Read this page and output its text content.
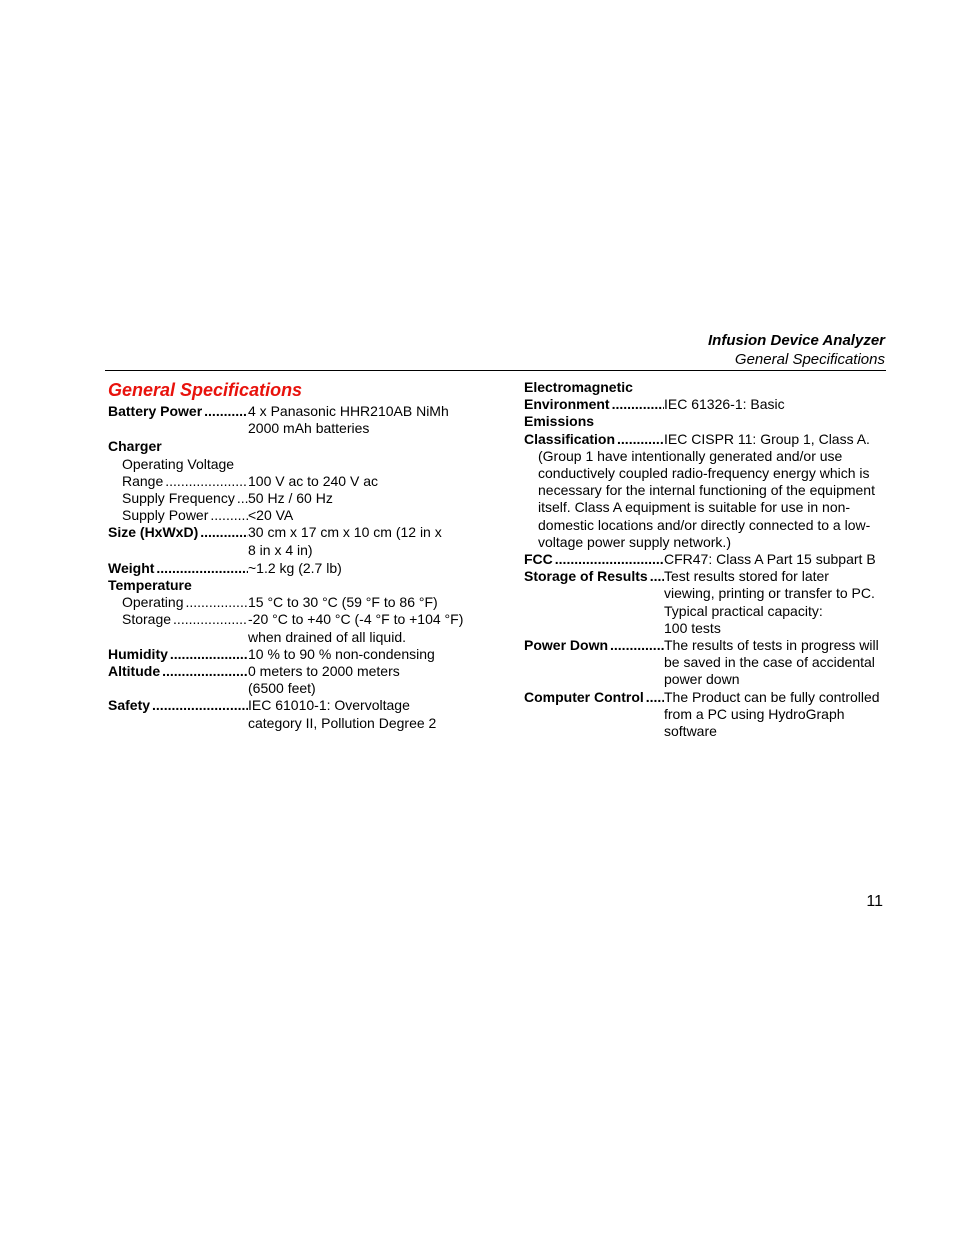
Infusion Device Analyzer
General Specifications
General Specifications
Battery Power .....	4 x Panasonic HHR210AB NiMh
2000 mAh batteries
Charger
Operating Voltage
Range .....	100 V ac to 240 V ac
Supply Frequency ..... 50 Hz / 60 Hz
Supply Power .....	<20 VA
Size (HxWxD) .....	30 cm x 17 cm x 10 cm (12 in x
8 in x 4 in)
Weight .....	~1.2 kg (2.7 lb)
Temperature
Operating .....	15 °C to 30 °C (59 °F to 86 °F)
Storage .....	-20 °C to +40 °C (-4 °F to +104 °F)
when drained of all liquid.
Humidity .....	10 % to 90 % non-condensing
Altitude .....	0 meters to 2000 meters
(6500 feet)
Safety .....	IEC 61010-1: Overvoltage
category II, Pollution Degree 2
Electromagnetic
Environment .....	IEC 61326-1: Basic
Emissions
Classification .....	IEC CISPR 11: Group 1, Class A.
(Group 1 have intentionally generated and/or use
conductively coupled radio-frequency energy which is
necessary for the internal functioning of the equipment
itself. Class A equipment is suitable for use in non-
domestic locations and/or directly connected to a low-
voltage power supply network.)
FCC .....	CFR47: Class A Part 15 subpart B
Storage of Results ..... Test results stored for later
viewing, printing or transfer to PC.
Typical practical capacity:
100 tests
Power Down .....	The results of tests in progress will
be saved in the case of accidental
power down
Computer Control ..... The Product can be fully controlled
from a PC using HydroGraph
software
11
